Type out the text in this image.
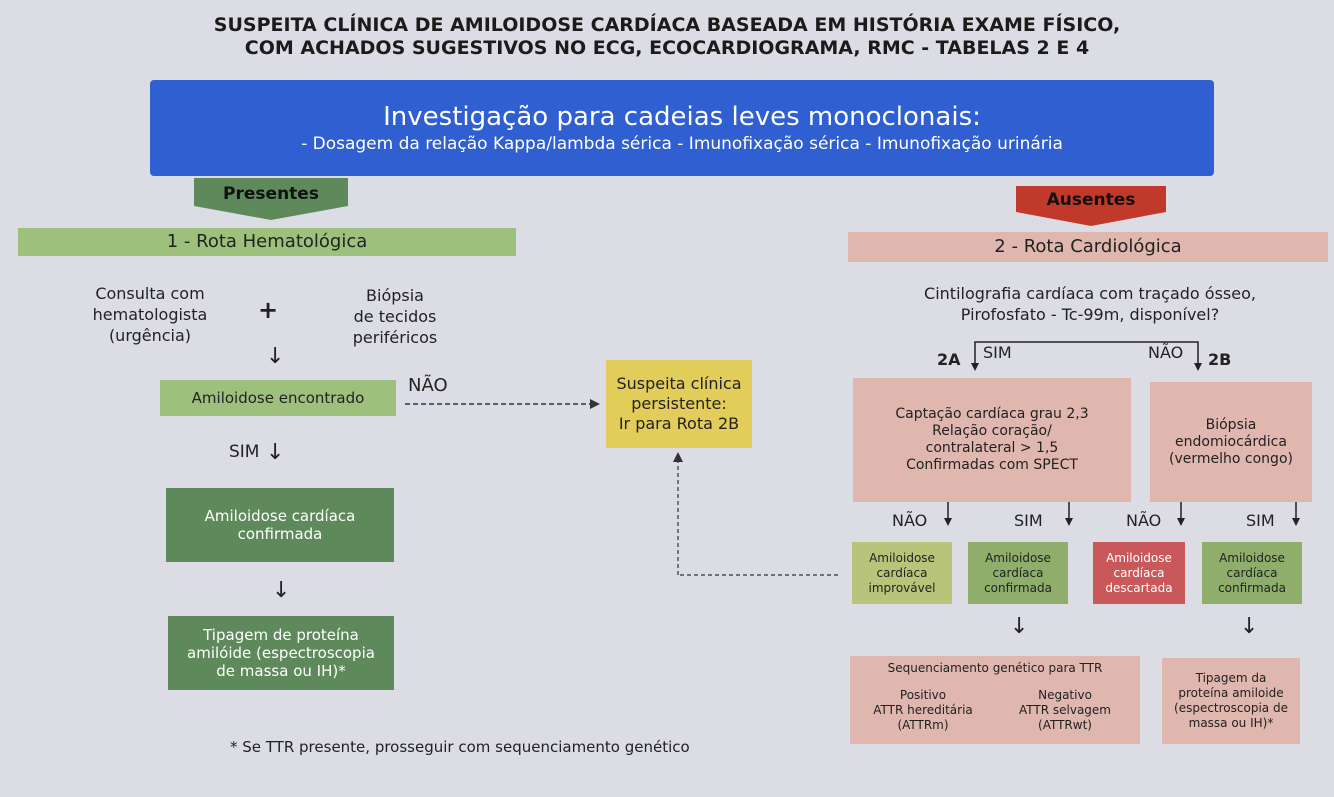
SUSPEITA CLÍNICA DE AMILOIDOSE CARDÍACA BASEADA EM HISTÓRIA EXAME FÍSICO,
COM ACHADOS SUGESTIVOS NO ECG, ECOCARDIOGRAMA, RMC - TABELAS 2 E 4
Investigação para cadeias leves monoclonais:
- Dosagem da relação Kappa/lambda sérica - Imunofixação sérica - Imunofixação urinária
Presentes	Ausentes
1 - Rota Hematológica
Consulta com
hematologista
(urgência)
+
Biópsia
de tecidos
periféricos
↓
Amiloidose encontrado
NÃO
SIM ↓
Amiloidose cardíaca
confirmada
↓
Tipagem de proteína
amilóide (espectroscopia
de massa ou IH)*
Suspeita clínica
persistente:
Ir para Rota 2B
2 - Rota Cardiológica
Cintilografia cardíaca com traçado ósseo,
Pirofosfato - Tc-99m, disponível?
2A SIM	NÃO 2B
Captação cardíaca grau 2,3
Relação coração/
contralateral > 1,5
Confirmadas com SPECT
Biópsia
endomiocárdica
(vermelho congo)
NÃO	SIM	NÃO	SIM
Amiloidose
cardíaca
improvável
Amiloidose
cardíaca
confirmada
Amiloidose
cardíaca
descartada
Amiloidose
cardíaca
confirmada
↓	↓
Sequenciamento genético para TTR
Positivo
ATTR hereditária
(ATTRm)
Negativo
ATTR selvagem
(ATTRwt)
Tipagem da
proteína amiloide
(espectroscopia de
massa ou IH)*
* Se TTR presente, prosseguir com sequenciamento genético
